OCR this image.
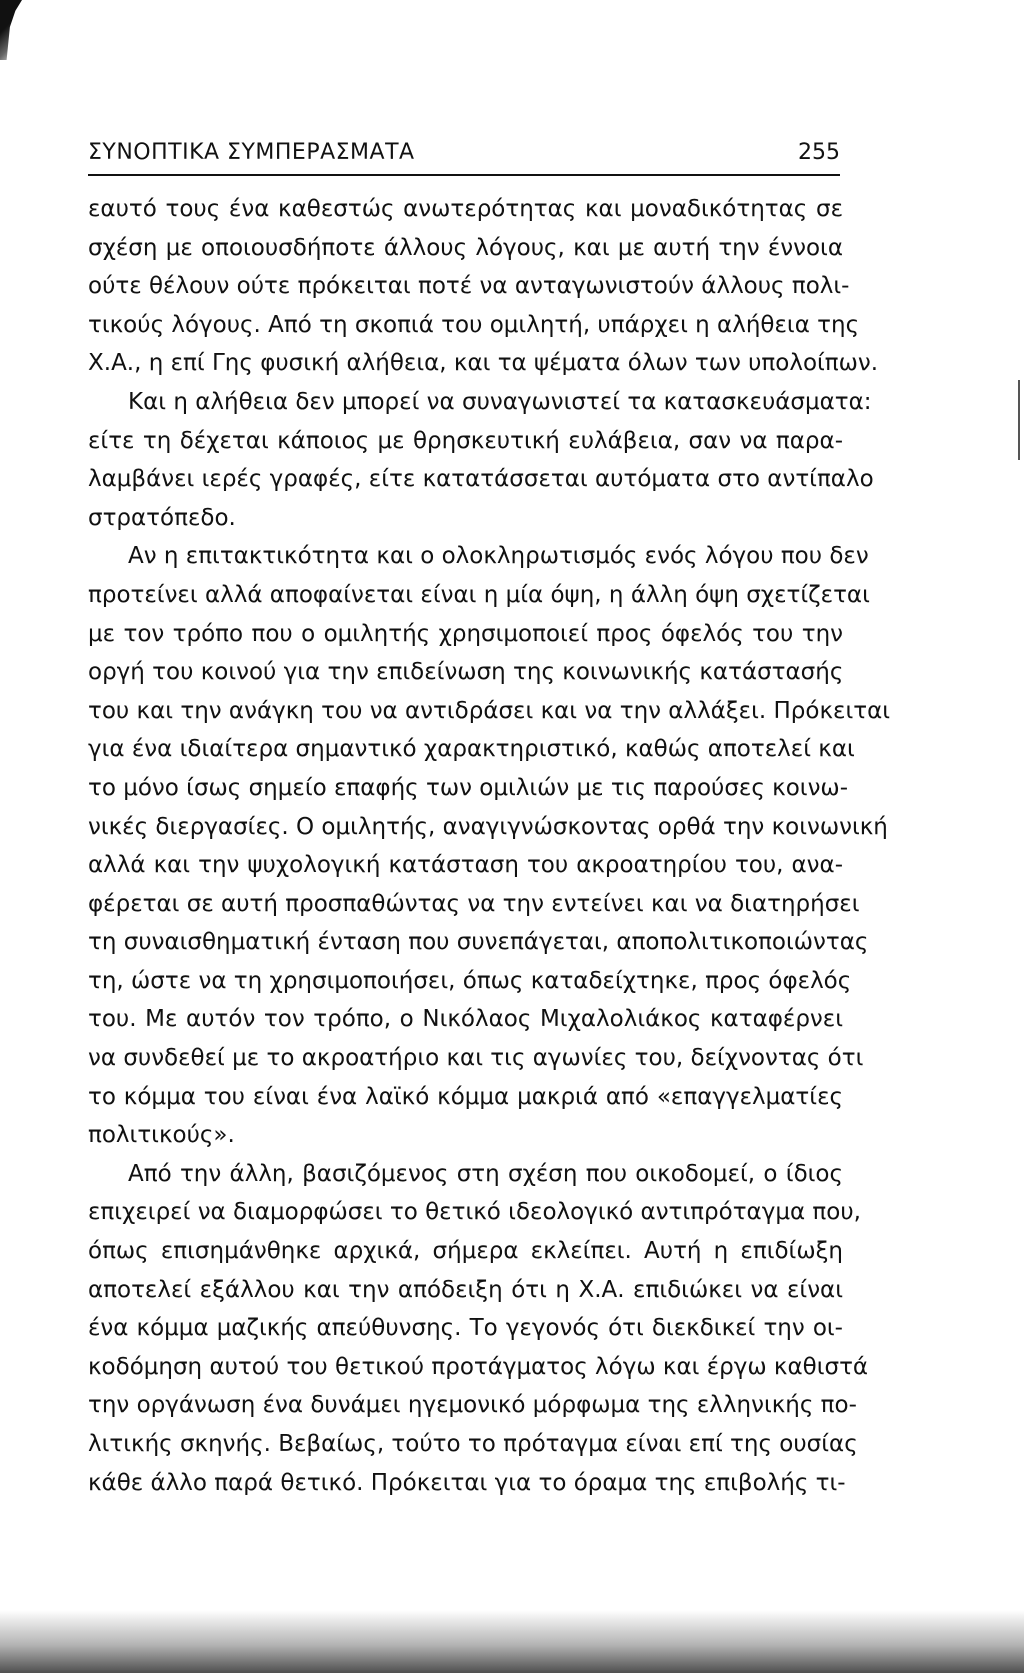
ΣΥΝΟΠΤΙΚΑ ΣΥΜΠΕΡΑΣΜΑΤΑ	255
εαυτό τους ένα καθεστώς ανωτερότητας και μοναδικότητας σε
σχέση με οποιουσδήποτε άλλους λόγους, και με αυτή την έννοια
ούτε θέλουν ούτε πρόκειται ποτέ να ανταγωνιστούν άλλους πολι-
τικούς λόγους. Από τη σκοπιά του ομιλητή, υπάρχει η αλήθεια της
Χ.Α., η επί Γης φυσική αλήθεια, και τα ψέματα όλων των υπολοίπων.
Και η αλήθεια δεν μπορεί να συναγωνιστεί τα κατασκευάσματα:
είτε τη δέχεται κάποιος με θρησκευτική ευλάβεια, σαν να παρα-
λαμβάνει ιερές γραφές, είτε κατατάσσεται αυτόματα στο αντίπαλο
στρατόπεδο.
Αν η επιτακτικότητα και ο ολοκληρωτισμός ενός λόγου που δεν
προτείνει αλλά αποφαίνεται είναι η μία όψη, η άλλη όψη σχετίζεται
με τον τρόπο που ο ομιλητής χρησιμοποιεί προς όφελός του την
οργή του κοινού για την επιδείνωση της κοινωνικής κατάστασής
του και την ανάγκη του να αντιδράσει και να την αλλάξει. Πρόκειται
για ένα ιδιαίτερα σημαντικό χαρακτηριστικό, καθώς αποτελεί και
το μόνο ίσως σημείο επαφής των ομιλιών με τις παρούσες κοινω-
νικές διεργασίες. Ο ομιλητής, αναγιγνώσκοντας ορθά την κοινωνική
αλλά και την ψυχολογική κατάσταση του ακροατηρίου του, ανα-
φέρεται σε αυτή προσπαθώντας να την εντείνει και να διατηρήσει
τη συναισθηματική ένταση που συνεπάγεται, αποπολιτικοποιώντας
τη, ώστε να τη χρησιμοποιήσει, όπως καταδείχτηκε, προς όφελός
του. Με αυτόν τον τρόπο, ο Νικόλαος Μιχαλολιάκος καταφέρνει
να συνδεθεί με το ακροατήριο και τις αγωνίες του, δείχνοντας ότι
το κόμμα του είναι ένα λαϊκό κόμμα μακριά από «επαγγελματίες
πολιτικούς».
Από την άλλη, βασιζόμενος στη σχέση που οικοδομεί, ο ίδιος
επιχειρεί να διαμορφώσει το θετικό ιδεολογικό αντιπρόταγμα που,
όπως επισημάνθηκε αρχικά, σήμερα εκλείπει. Αυτή η επιδίωξη
αποτελεί εξάλλου και την απόδειξη ότι η Χ.Α. επιδιώκει να είναι
ένα κόμμα μαζικής απεύθυνσης. Το γεγονός ότι διεκδικεί την οι-
κοδόμηση αυτού του θετικού προτάγματος λόγω και έργω καθιστά
την οργάνωση ένα δυνάμει ηγεμονικό μόρφωμα της ελληνικής πο-
λιτικής σκηνής. Βεβαίως, τούτο το πρόταγμα είναι επί της ουσίας
κάθε άλλο παρά θετικό. Πρόκειται για το όραμα της επιβολής τι-
